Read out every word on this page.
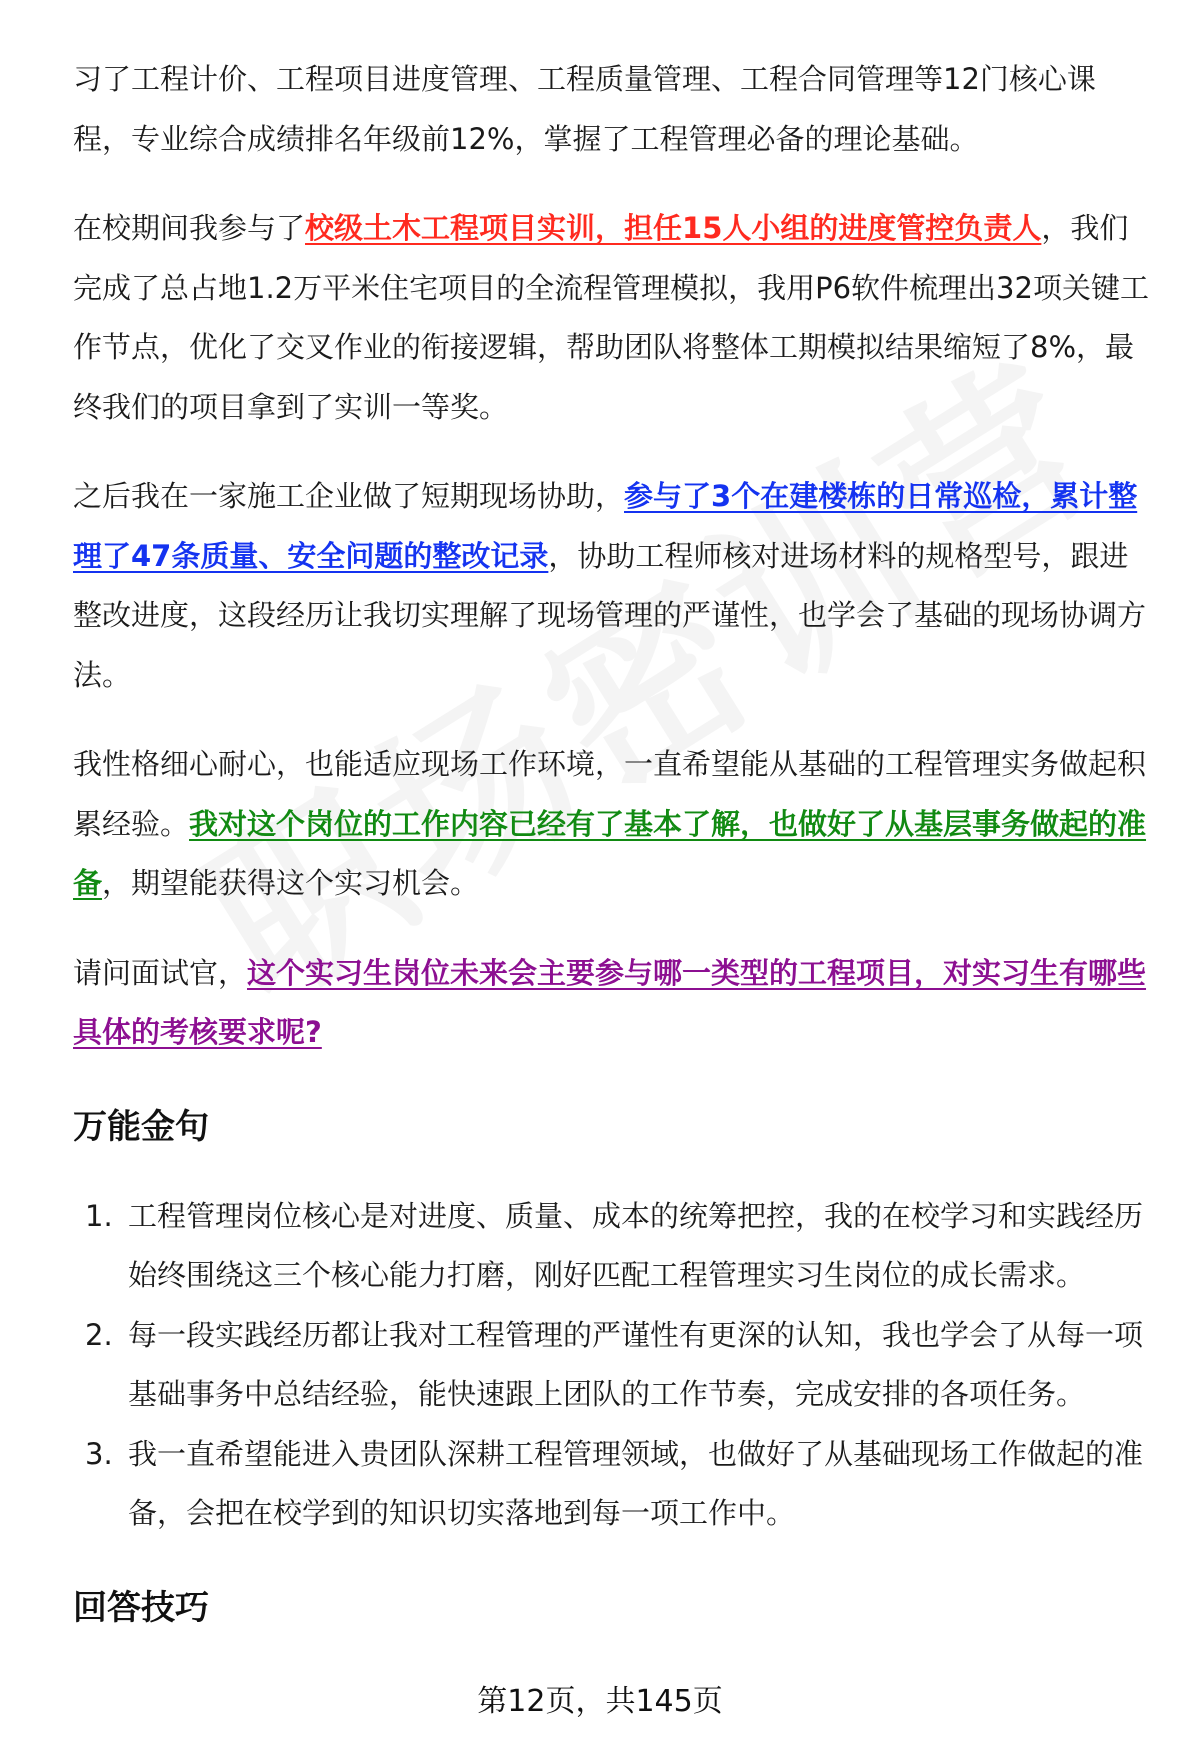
习了工程计价、工程项目进度管理、工程质量管理、工程合同管理等12门核心课程，专业综合成绩排名年级前12%，掌握了工程管理必备的理论基础。

在校期间我参与了校级土木工程项目实训，担任15人小组的进度管控负责人，我们完成了总占地1.2万平米住宅项目的全流程管理模拟，我用P6软件梳理出32项关键工作节点，优化了交叉作业的衔接逻辑，帮助团队将整体工期模拟结果缩短了8%，最终我们的项目拿到了实训一等奖。

之后我在一家施工企业做了短期现场协助，参与了3个在建楼栋的日常巡检，累计整理了47条质量、安全问题的整改记录，协助工程师核对进场材料的规格型号，跟进整改进度，这段经历让我切实理解了现场管理的严谨性，也学会了基础的现场协调方法。

我性格细心耐心，也能适应现场工作环境，一直希望能从基础的工程管理实务做起积累经验。我对这个岗位的工作内容已经有了基本了解，也做好了从基层事务做起的准备，期望能获得这个实习机会。

请问面试官，这个实习生岗位未来会主要参与哪一类型的工程项目，对实习生有哪些具体的考核要求呢?

万能金句
1. 工程管理岗位核心是对进度、质量、成本的统筹把控，我的在校学习和实践经历始终围绕这三个核心能力打磨，刚好匹配工程管理实习生岗位的成长需求。
2. 每一段实践经历都让我对工程管理的严谨性有更深的认知，我也学会了从每一项基础事务中总结经验，能快速跟上团队的工作节奏，完成安排的各项任务。
3. 我一直希望能进入贵团队深耕工程管理领域，也做好了从基础现场工作做起的准备，会把在校学到的知识切实落地到每一项工作中。
回答技巧
第12页，共145页
